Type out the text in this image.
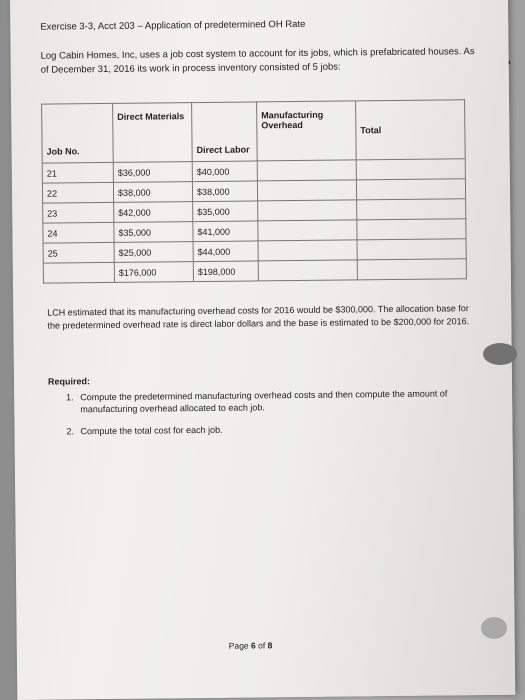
Exercise 3-3, Acct 203 – Application of predetermined OH Rate
Log Cabin Homes, Inc, uses a job cost system to account for its jobs, which is prefabricated houses. As of December 31, 2016 its work in process inventory consisted of 5 jobs:
Job No.	Direct Materials	Direct Labor	Manufacturing Overhead	Total
21	$36,000	$40,000		
22	$38,000	$38,000		
23	$42,000	$35,000		
24	$35,000	$41,000		
25	$25,000	$44,000		
	$176,000	$198,000		
LCH estimated that its manufacturing overhead costs for 2016 would be $300,000. The allocation base for the predetermined overhead rate is direct labor dollars and the base is estimated to be $200,000 for 2016.
Required:
1. Compute the predetermined manufacturing overhead costs and then compute the amount of manufacturing overhead allocated to each job.
2. Compute the total cost for each job.
Page 6 of 8
